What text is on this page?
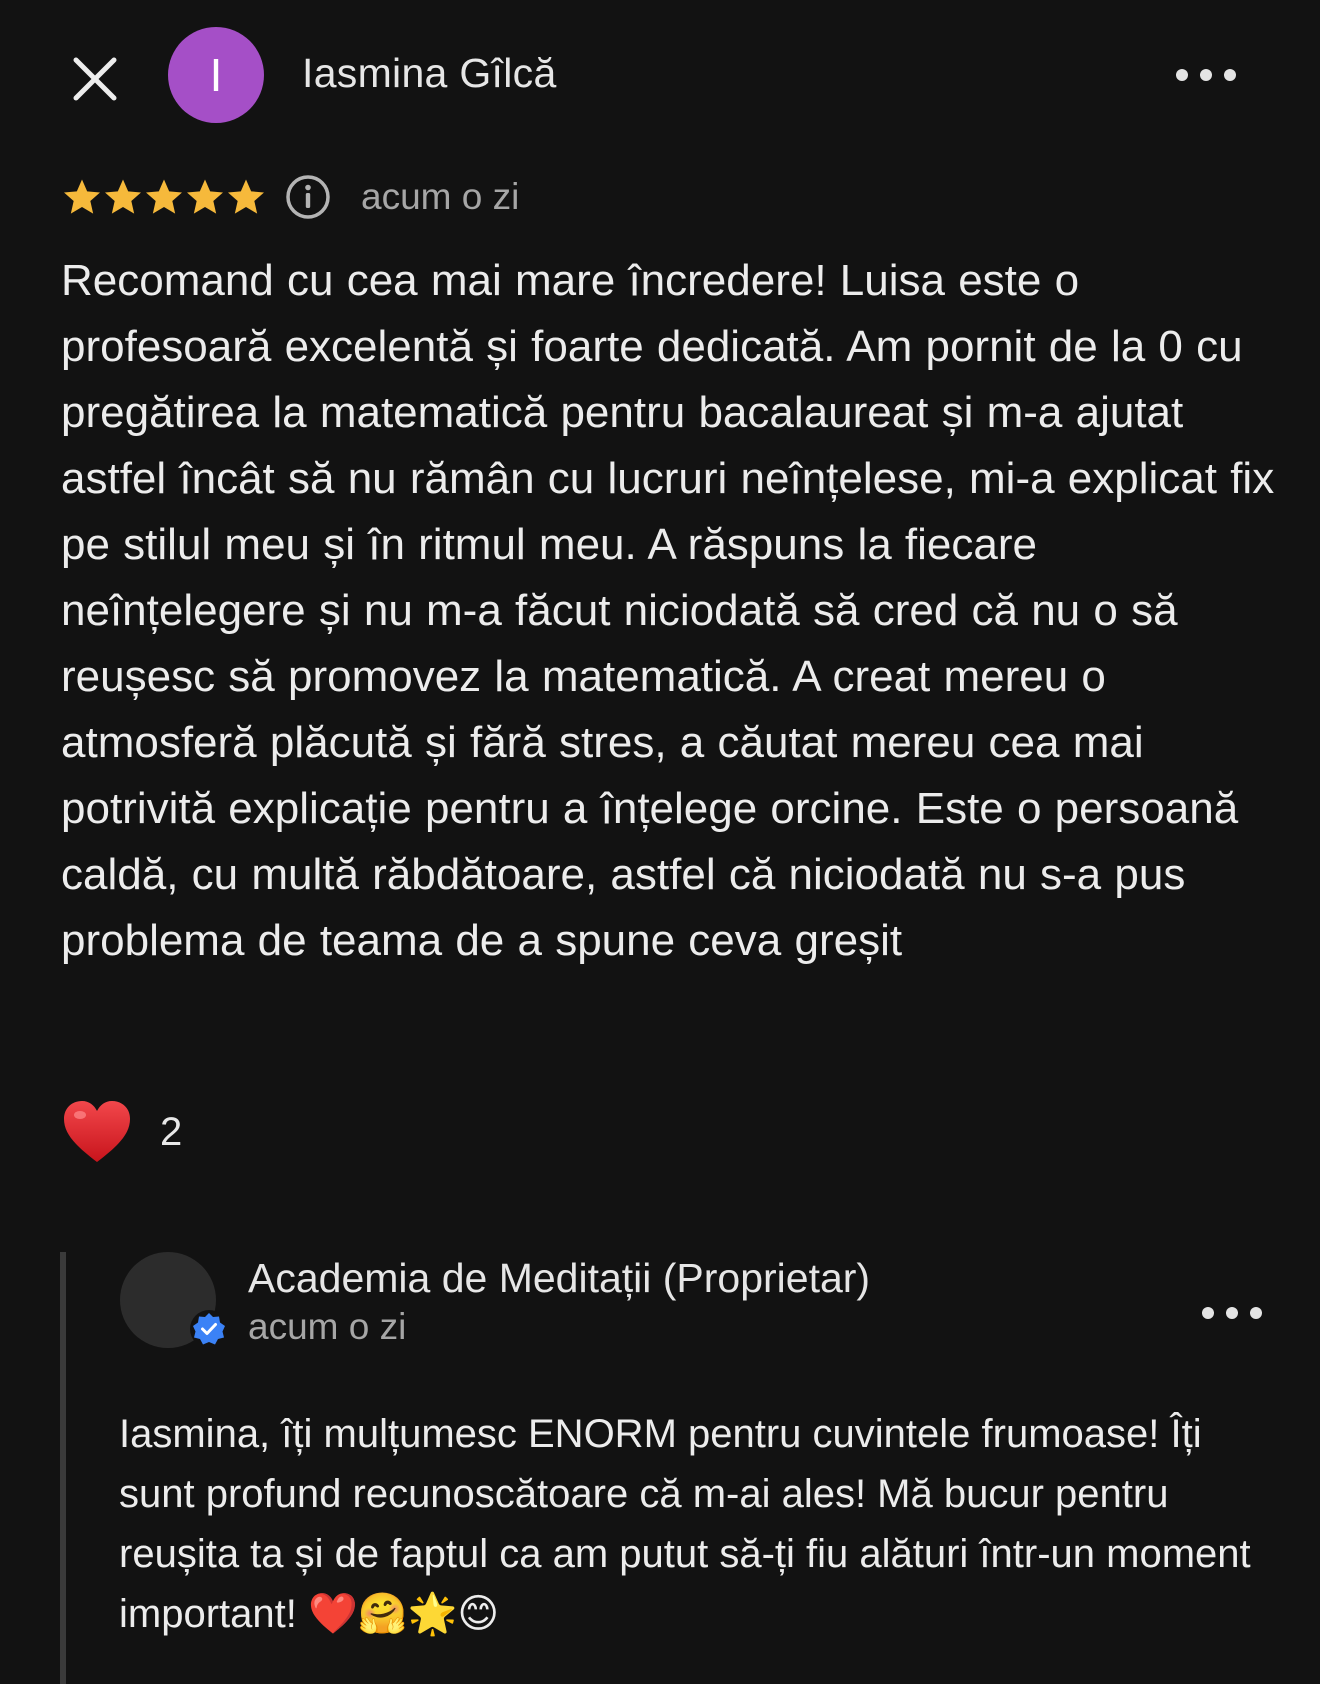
I Iasmina Gîlcă
acum o zi

Recomand cu cea mai mare încredere! Luisa este o profesoară excelentă și foarte dedicată. Am pornit de la 0 cu pregătirea la matematică pentru bacalaureat și m-a ajutat astfel încât să nu rămân cu lucruri neînțelese, mi-a explicat fix pe stilul meu și în ritmul meu. A răspuns la fiecare neînțelegere și nu m-a făcut niciodată să cred că nu o să reușesc să promovez la matematică. A creat mereu o atmosferă plăcută și fără stres, a căutat mereu cea mai potrivită explicație pentru a înțelege orcine. Este o persoană caldă, cu multă răbdătoare, astfel că niciodată nu s-a pus problema de teama de a spune ceva greșit

2
Academia de Meditații (Proprietar)
acum o zi

Iasmina, îți mulțumesc ENORM pentru cuvintele frumoase! Îți sunt profund recunoscătoare că m-ai ales! Mă bucur pentru reușita ta și de faptul ca am putut să-ți fiu alături într-un moment important! ❤️🤗🌟😊
